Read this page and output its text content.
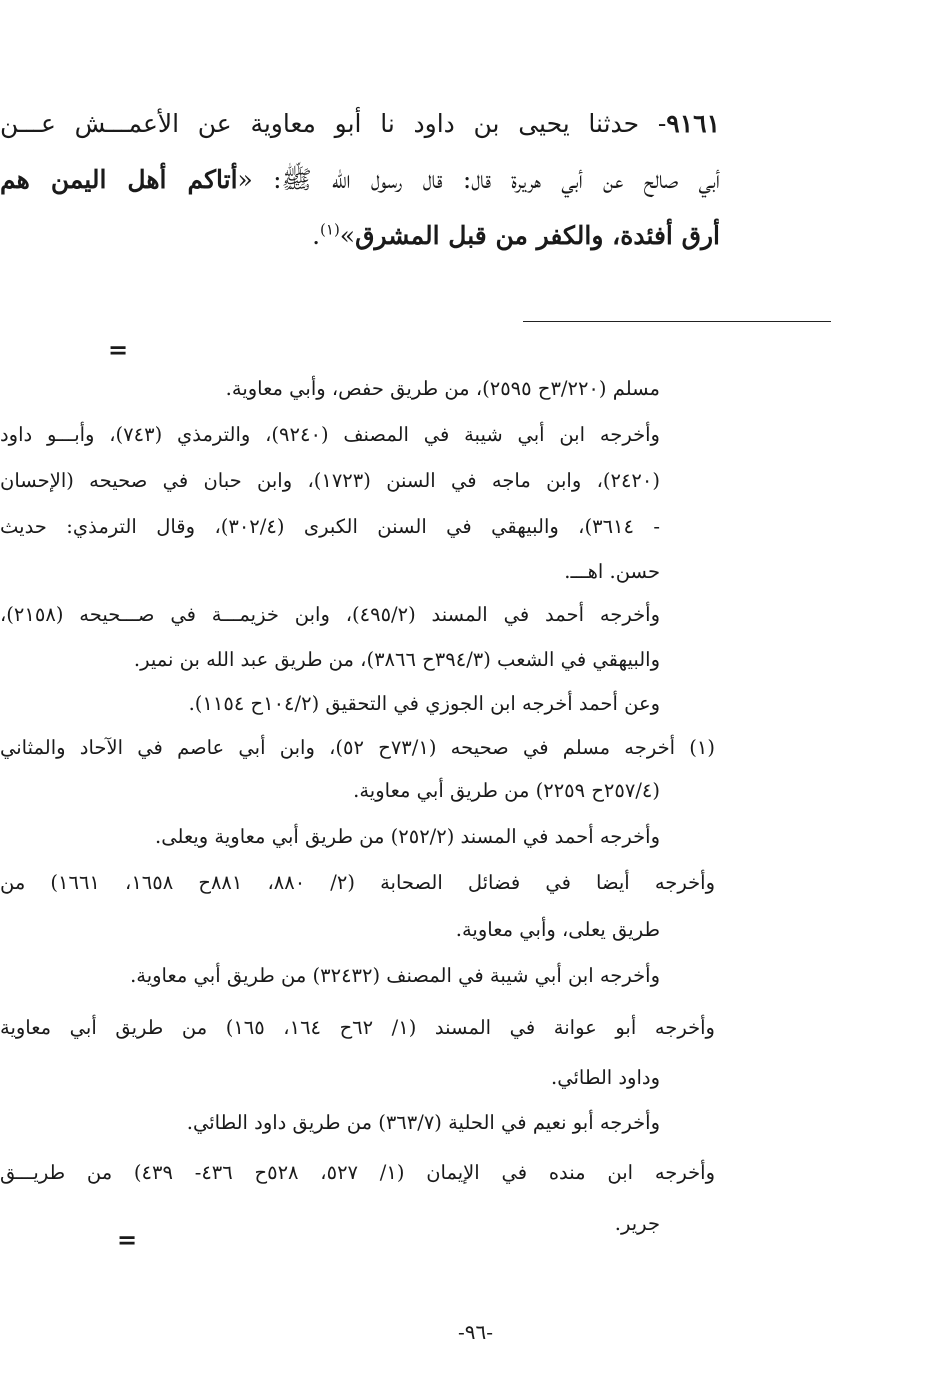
٩١٦١- حدثنا يحيى بن داود نا أبو معاوية عن الأعمـــش عـــن
أبي صالح عن أبي هريرة قال: قال رسول الله ﷺ: «أتاكم أهل اليمن هم
أرق أفئدة، والكفر من قبل المشرق»$^{(١)}$.
=
مسلم (٣/٢٢٠ح ٢٥٩٥)، من طريق حفص، وأبي معاوية.
وأخرجه ابن أبي شيبة في المصنف (٩٢٤٠)، والترمذي (٧٤٣)، وأبـــو داود
(٢٤٢٠)، وابن ماجه في السنن (١٧٢٣)، وابن حبان في صحيحه (الإحسان
- ٣٦١٤)، والبيهقي في السنن الكبرى (٣٠٢/٤)، وقال الترمذي: حديث
حسن. اهـــ.
وأخرجه أحمد في المسند (٤٩٥/٢)، وابن خزيمـــة في صـــحيحه (٢١٥٨)،
والبيهقي في الشعب (٣٩٤/٣ح ٣٨٦٦)، من طريق عبد الله بن نمير.
وعن أحمد أخرجه ابن الجوزي في التحقيق (١٠٤/٢ح ١١٥٤).
(١) أخرجه مسلم في صحيحه (٧٣/١ح ٥٢)، وابن أبي عاصم في الآحاد والمثاني
(٢٥٧/٤ح ٢٢٥٩) من طريق أبي معاوية.
وأخرجه أحمد في المسند (٢٥٢/٢) من طريق أبي معاوية ويعلى.
وأخرجه أيضا في فضائل الصحابة (٢/ ٨٨٠، ٨٨١ح ١٦٥٨، ١٦٦١) من
طريق يعلى، وأبي معاوية.
وأخرجه ابن أبي شيبة في المصنف (٣٢٤٣٢) من طريق أبي معاوية.
وأخرجه أبو عوانة في المسند (١/ ٦٢ح ١٦٤، ١٦٥) من طريق أبي معاوية
وداود الطائي.
وأخرجه أبو نعيم في الحلية (٣٦٣/٧) من طريق داود الطائي.
وأخرجه ابن منده في الإيمان (١/ ٥٢٧، ٥٢٨ح ٤٣٦- ٤٣٩) من طريـــق
جرير.
=
-٩٦-
